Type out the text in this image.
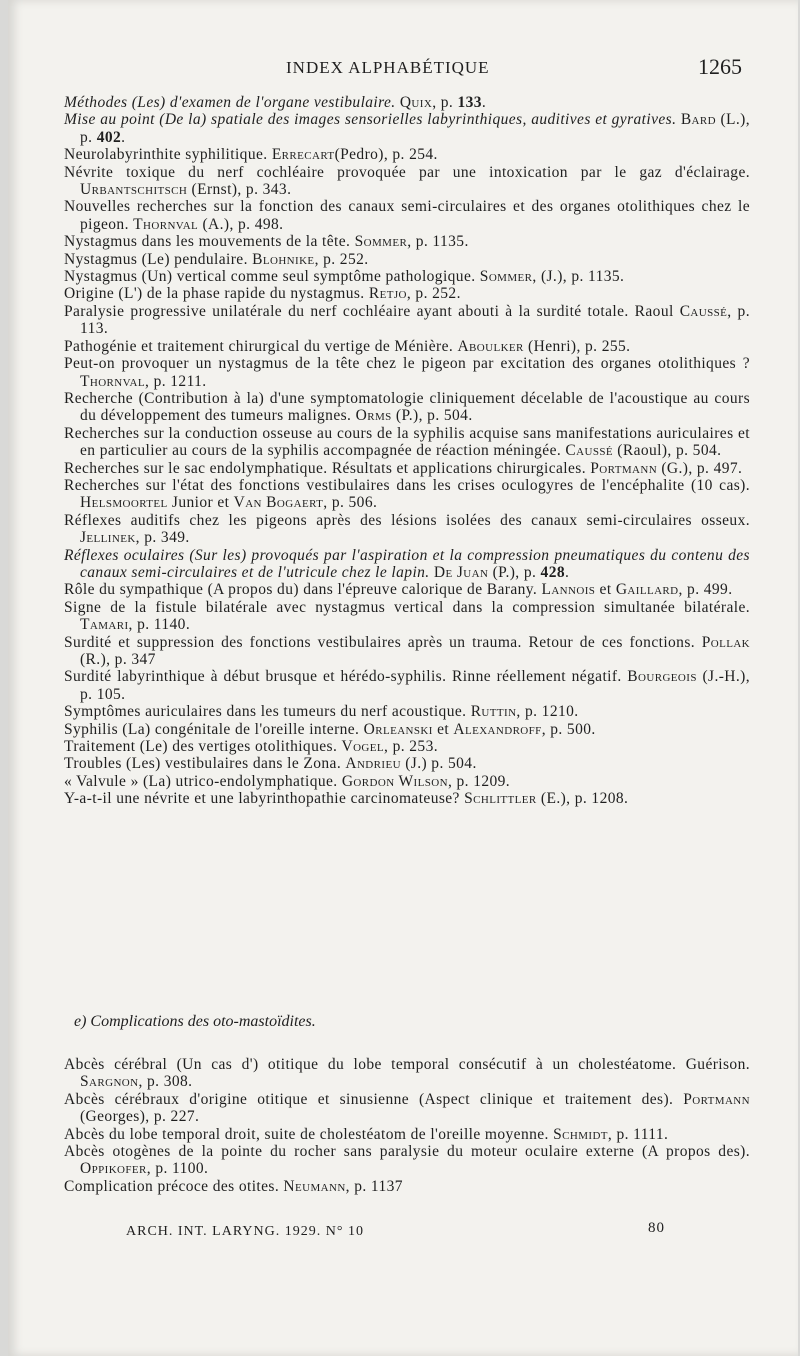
INDEX ALPHABÉTIQUE	1265

Méthodes (Les) d'examen de l'organe vestibulaire. Quix, p. 133.

Mise au point (De la) spatiale des images sensorielles labyrinthiques, auditives et gyratives. Bard (L.), p. 402.

Neurolabyrinthite syphilitique. Errecart(Pedro), p. 254.

Névrite toxique du nerf cochléaire provoquée par une intoxication par le gaz d'éclairage. Urbantschitsch (Ernst), p. 343.

Nouvelles recherches sur la fonction des canaux semi-circulaires et des organes otolithiques chez le pigeon. Thornval (A.), p. 498.

Nystagmus dans les mouvements de la tête. Sommer, p. 1135.

Nystagmus (Le) pendulaire. Blohnike, p. 252.

Nystagmus (Un) vertical comme seul symptôme pathologique. Sommer, (J.), p. 1135.

Origine (L') de la phase rapide du nystagmus. Retjo, p. 252.

Paralysie progressive unilatérale du nerf cochléaire ayant abouti à la surdité totale. Raoul Caussé, p. 113.

Pathogénie et traitement chirurgical du vertige de Ménière. Aboulker (Henri), p. 255.

Peut-on provoquer un nystagmus de la tête chez le pigeon par excitation des organes otolithiques ? Thornval, p. 1211.

Recherche (Contribution à la) d'une symptomatologie cliniquement décelable de l'acoustique au cours du développement des tumeurs malignes. Orms (P.), p. 504.

Recherches sur la conduction osseuse au cours de la syphilis acquise sans manifestations auriculaires et en particulier au cours de la syphilis accompagnée de réaction méningée. Caussé (Raoul), p. 504.

Recherches sur le sac endolymphatique. Résultats et applications chirurgicales. Portmann (G.), p. 497.

Recherches sur l'état des fonctions vestibulaires dans les crises oculogyres de l'encéphalite (10 cas). Helsmoortel Junior et Van Bogaert, p. 506.

Réflexes auditifs chez les pigeons après des lésions isolées des canaux semi-circulaires osseux. Jellinek, p. 349.

Réflexes oculaires (Sur les) provoqués par l'aspiration et la compression pneumatiques du contenu des canaux semi-circulaires et de l'utricule chez le lapin. De Juan (P.), p. 428.

Rôle du sympathique (A propos du) dans l'épreuve calorique de Barany. Lannois et Gaillard, p. 499.

Signe de la fistule bilatérale avec nystagmus vertical dans la compression simultanée bilatérale. Tamari, p. 1140.

Surdité et suppression des fonctions vestibulaires après un trauma. Retour de ces fonctions. Pollak (R.), p. 347

Surdité labyrinthique à début brusque et hérédo-syphilis. Rinne réellement négatif. Bourgeois (J.-H.), p. 105.

Symptômes auriculaires dans les tumeurs du nerf acoustique. Ruttin, p. 1210.

Syphilis (La) congénitale de l'oreille interne. Orleanski et Alexandroff, p. 500.

Traitement (Le) des vertiges otolithiques. Vogel, p. 253.

Troubles (Les) vestibulaires dans le Zona. Andrieu (J.) p. 504.

« Valvule » (La) utrico-endolymphatique. Gordon Wilson, p. 1209.

Y-a-t-il une névrite et une labyrinthopathie carcinomateuse? Schlittler (E.), p. 1208.

e) Complications des oto-mastoïdites.

Abcès cérébral (Un cas d') otitique du lobe temporal consécutif à un cholestéatome. Guérison. Sargnon, p. 308.

Abcès cérébraux d'origine otitique et sinusienne (Aspect clinique et traitement des). Portmann (Georges), p. 227.

Abcès du lobe temporal droit, suite de cholestéatom de l'oreille moyenne. Schmidt, p. 1111.

Abcès otogènes de la pointe du rocher sans paralysie du moteur oculaire externe (A propos des). Oppikofer, p. 1100.

Complication précoce des otites. Neumann, p. 1137

ARCH. INT. LARYNG. 1929. N° 10	80
